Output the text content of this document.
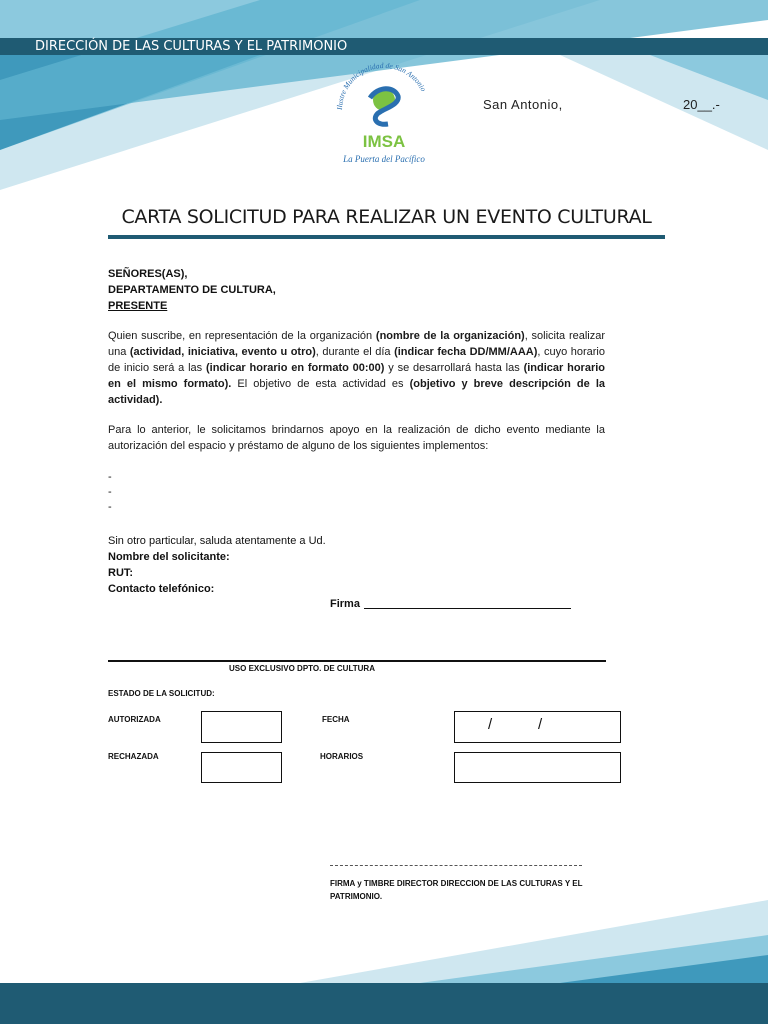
DIRECCIÓN DE LAS CULTURAS Y EL PATRIMONIO
Ilustre Municipalidad de San Antonio
IMSA
La Puerta del Pacífico
San Antonio,	20__.-
CARTA SOLICITUD PARA REALIZAR UN EVENTO CULTURAL
SEÑORES(AS),
DEPARTAMENTO DE CULTURA,
PRESENTE
Quien suscribe, en representación de la organización (nombre de la organización), solicita realizar una (actividad, iniciativa, evento u otro), durante el día (indicar fecha DD/MM/AAA), cuyo horario de inicio será a las (indicar horario en formato 00:00) y se desarrollará hasta las (indicar horario en el mismo formato). El objetivo de esta actividad es (objetivo y breve descripción de la actividad).
Para lo anterior, le solicitamos brindarnos apoyo en la realización de dicho evento mediante la autorización del espacio y préstamo de alguno de los siguientes implementos:
-
-
-
Sin otro particular, saluda atentamente a Ud.
Nombre del solicitante:
RUT:
Contacto telefónico:
Firma
USO EXCLUSIVO DPTO. DE CULTURA
ESTADO DE LA SOLICITUD:
AUTORIZADA	FECHA	/           /
RECHAZADA	HORARIOS
FIRMA y TIMBRE DIRECTOR DIRECCION DE LAS CULTURAS Y EL PATRIMONIO.
